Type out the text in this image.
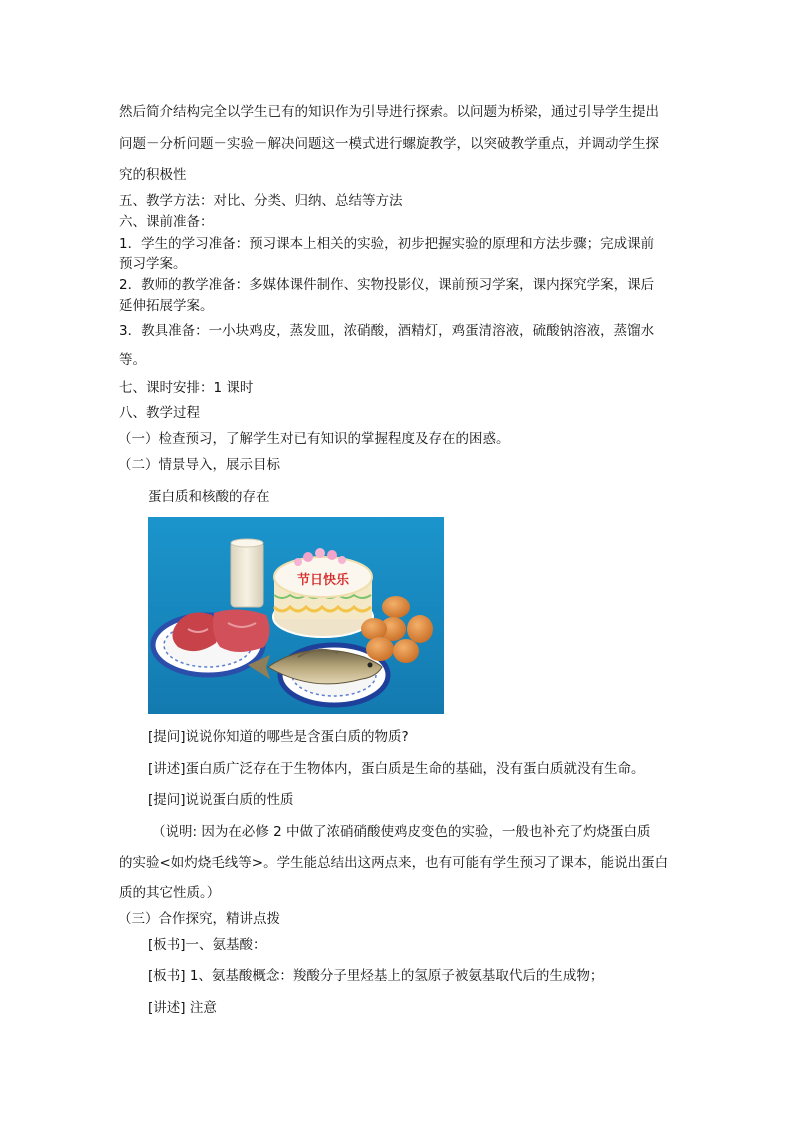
然后简介结构完全以学生已有的知识作为引导进行探索。以问题为桥梁，通过引导学生提出
问题－分析问题－实验－解决问题这一模式进行螺旋教学，以突破教学重点，并调动学生探
究的积极性
五、教学方法：对比、分类、归纳、总结等方法
六、课前准备：
1．学生的学习准备：预习课本上相关的实验，初步把握实验的原理和方法步骤；完成课前
预习学案。
2．教师的教学准备：多媒体课件制作、实物投影仪，课前预习学案，课内探究学案，课后
延伸拓展学案。
3．教具准备：一小块鸡皮，蒸发皿，浓硝酸，酒精灯，鸡蛋清溶液，硫酸钠溶液，蒸馏水
等。
七、课时安排：1 课时
八、教学过程
（一）检查预习，了解学生对已有知识的掌握程度及存在的困惑。
（二）情景导入，展示目标
蛋白质和核酸的存在
节日快乐
[提问]说说你知道的哪些是含蛋白质的物质?
[讲述]蛋白质广泛存在于生物体内，蛋白质是生命的基础，没有蛋白质就没有生命。
[提问]说说蛋白质的性质
（说明: 因为在必修 2 中做了浓硝硝酸使鸡皮变色的实验，一般也补充了灼烧蛋白质
的实验<如灼烧毛线等>。学生能总结出这两点来，也有可能有学生预习了课本，能说出蛋白
质的其它性质。）
（三）合作探究，精讲点拨
[板书]一、氨基酸：
[板书] 1、氨基酸概念：羧酸分子里烃基上的氢原子被氨基取代后的生成物；
[讲述] 注意
